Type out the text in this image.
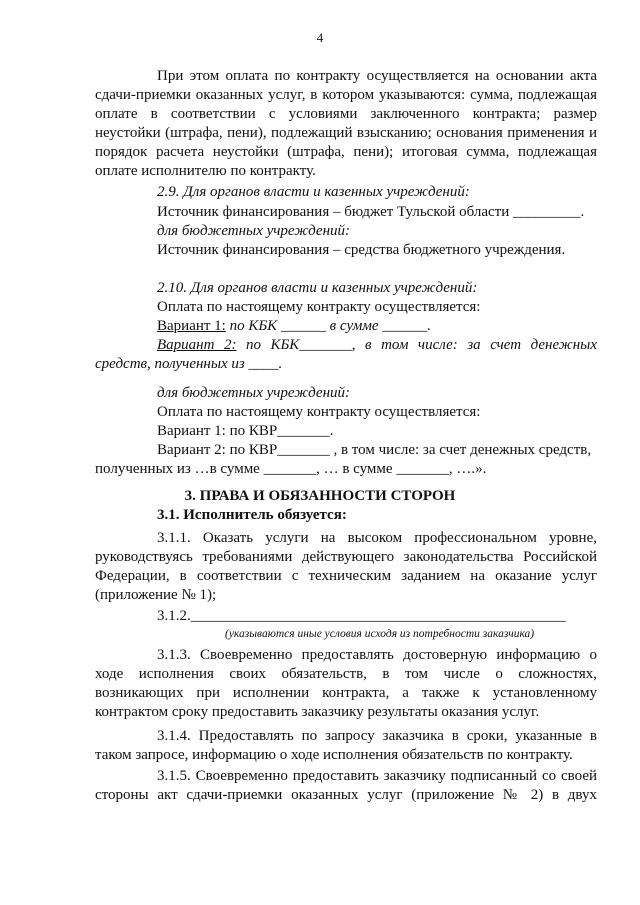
4
При этом оплата по контракту осуществляется на основании акта
сдачи-приемки оказанных услуг, в котором указываются: сумма, подлежащая
оплате в соответствии с условиями заключенного контракта; размер
неустойки (штрафа, пени), подлежащий взысканию; основания применения и
порядок расчета неустойки (штрафа, пени); итоговая сумма, подлежащая
оплате исполнителю по контракту.
2.9. Для органов власти и казенных учреждений:
Источник финансирования – бюджет Тульской области _________.
для бюджетных учреждений:
Источник финансирования – средства бюджетного учреждения.
2.10. Для органов власти и казенных учреждений:
Оплата по настоящему контракту осуществляется:
Вариант 1: по КБК ______ в сумме ______.
Вариант 2: по КБК_______, в том числе: за счет денежных
средств, полученных из ____.
для бюджетных учреждений:
Оплата по настоящему контракту осуществляется:
Вариант 1: по КВР_______.
Вариант 2: по КВР_______ , в том числе: за счет денежных средств,
полученных из …в сумме _______, … в сумме _______, ….».
3. ПРАВА И ОБЯЗАННОСТИ СТОРОН
3.1. Исполнитель обязуется:
3.1.1. Оказать услуги на высоком профессиональном уровне,
руководствуясь требованиями действующего законодательства Российской
Федерации, в соответствии с техническим заданием на оказание услуг
(приложение № 1);
3.1.2.__________________________________________________
(указываются иные условия исходя из потребности заказчика)
3.1.3. Своевременно предоставлять достоверную информацию о
ходе исполнения своих обязательств, в том числе о сложностях,
возникающих при исполнении контракта, а также к установленному
контрактом сроку предоставить заказчику результаты оказания услуг.
3.1.4. Предоставлять по запросу заказчика в сроки, указанные в
таком запросе, информацию о ходе исполнения обязательств по контракту.
3.1.5. Своевременно предоставить заказчику подписанный со своей
стороны акт сдачи-приемки оказанных услуг (приложение № 2) в двух
